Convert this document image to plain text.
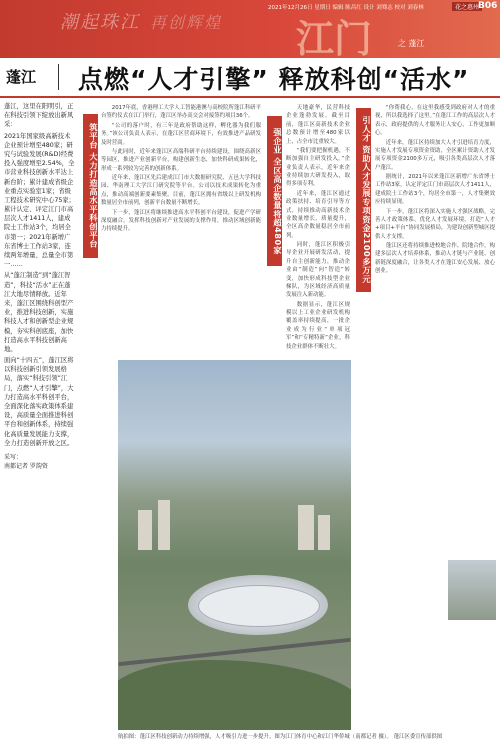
潮起珠江 再创辉煌 江门	之 蓬江
2021年12月26日 星期日 编辑 陈昌红 设计 刘骞志 校对 刘春林	花之惠州
B06
蓬江 点燃“人才引擎” 释放科创“活水”

蓬江，这里在阳明引，正在科技引领下绽放出新风采：

2021年国家级高新技术企业预计增至480家；研究与试验发展(R&D)经费投入强度增至2.54%，全市营业科技创新水平达上新台阶；累计建成省级企业重点实验室1家；省级工程技术研究中心75家；累计认定、评定江门市高层次人才1411人，建成院士工作站3个，均居全市第一；2021年新增广东省博士工作站3家，连续两年增量、总量全市第一……

从“蓬江制造”到“蓬江智造”，科技“活水”正在蓬江大地尽情释放。近年来，蓬江区围绕科创型产业，推进科技创新，实施科技人才和创新型企业规模，夯实科创底座，加快打造高水平科技创新高地。

面向“十四五”，蓬江区将以科技创新引领发展格局，落实“科技引领”江门，点燃“人才引擎”，大力打造高水平科创平台，全面深化落实政策体系建设，高质量全面推进科创平台和创新体系，持续强化高质量发展能力支撑，全力打造创新开放之区。

采写：
南都记者 罗韵资
筑平台 大力打造高水平科创平台	强企业 全区高企数量将超480家	引人才 资助人才发展专项资金2100多万元

2017年底，香港理工大学人工智能港澳与高校院所蓬江科研平台签约仪式在江门举行，蓬江区举办高交会对接签约项目36个。

“公司的落户时，有三年是政府帮助这样，孵化器为我们服务。”该公司负责人表示，在蓬江区营商环境下，有效推进产品研发及时营商。

与此同时，近年来蓬江区高端科研平台持续建设，围绕高新区等园区，推进产业创新平台，构建创新生态，加快科研成果转化，形成一系列较为完善的创新体系。

近年来，蓬江区先后建成江门市大数据研究院、五邑大学科技园、华南理工大学江门研究院等平台。公司以技术成果转化为重点，推动高端创新要素集聚。目前，蓬江区拥有省级以上研发机构数量居全市前列，创新平台数量不断增长。

下一步，蓬江区将继续推进高水平科创平台建设，促进产学研深度融合，发挥科技创新对产业发展的支撑作用，推动区域创新能力持续提升。

天地豪华，民营科技企业蓬勃发展。截至目前，蓬江区高新技术企业总数预计增至480家以上，占全市比重较大。

“我们要把握机遇，不断加强自主研发投入。”企业负责人表示，近年来企业持续加大研发投入，取得多项专利。

近年来，蓬江区通过政策扶持、培育引导等方式，持续推动高新技术企业数量增长、质量提升，全区高企数量稳居全市前列。

同时，蓬江区积极引导企业开展研发活动，提升自主创新能力，推动企业由“制造”向“智造”转变，加快形成科技型企业梯队，为区域经济高质量发展注入新动能。

数据显示，蓬江区规模以上工业企业研发机构覆盖率持续提高，一批企业成为行业“单项冠军”和“专精特新”企业，科技企业群体不断壮大。

“你帮我心，在这里我感受到政府对人才的重视，所以我选择了这里。”在蓬江工作的高层次人才表示，政府提供的人才服务让人安心，工作更加顺心。

近年来，蓬江区持续加大人才引进培育力度，实施人才发展专项资金资助，全区累计资助人才发展专项资金2100多万元，吸引各类高层次人才落户蓬江。

据统计，2021年以来蓬江区新增广东省博士工作站3家，认定评定江门市高层次人才1411人，建成院士工作站3个，均居全市第一，人才集聚效应持续显现。

下一步，蓬江区将深入实施人才强区战略，完善人才政策体系，优化人才发展环境，打造“人才+项目+平台”协同发展格局，为建设创新型城区提供人才支撑。

蓬江区还将持续推进校地合作、院地合作，构建多层次人才培养体系，推动人才链与产业链、创新链深度融合，让各类人才在蓬江安心发展、放心创业。

航拍图：蓬江区科技创新动力持续增强，人才吸引力进一步提升。图为江门体育中心和江门华侨城（南都记者 摄）。 蓬江区委宣传部供图
